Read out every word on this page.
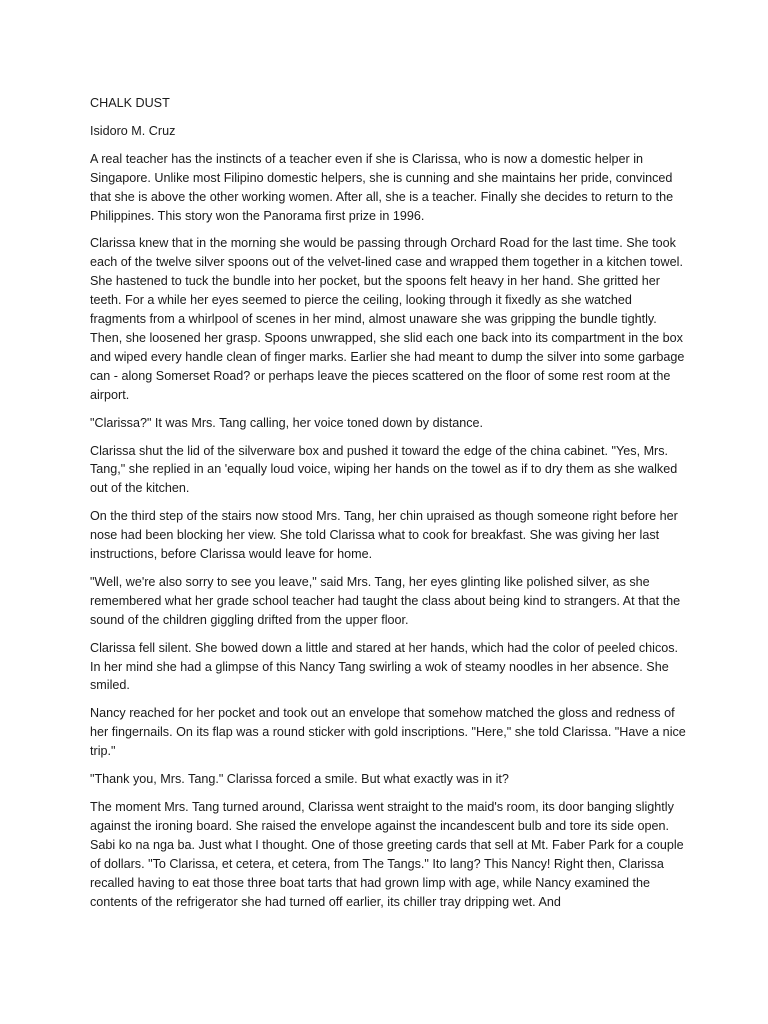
CHALK DUST

Isidoro M. Cruz

A real teacher has the instincts of a teacher even if she is Clarissa, who is now a domestic helper in Singapore. Unlike most Filipino domestic helpers, she is cunning and she maintains her pride, convinced that she is above the other working women. After all, she is a teacher. Finally she decides to return to the Philippines. This story won the Panorama first prize in 1996.

Clarissa knew that in the morning she would be passing through Orchard Road for the last time. She took each of the twelve silver spoons out of the velvet-lined case and wrapped them together in a kitchen towel. She hastened to tuck the bundle into her pocket, but the spoons felt heavy in her hand. She gritted her teeth. For a while her eyes seemed to pierce the ceiling, looking through it fixedly as she watched fragments from a whirlpool of scenes in her mind, almost unaware she was gripping the bundle tightly. Then, she loosened her grasp. Spoons unwrapped, she slid each one back into its compartment in the box and wiped every handle clean of finger marks. Earlier she had meant to dump the silver into some garbage can - along Somerset Road? or perhaps leave the pieces scattered on the floor of some rest room at the airport.

"Clarissa?" It was Mrs. Tang calling, her voice toned down by distance.

Clarissa shut the lid of the silverware box and pushed it toward the edge of the china cabinet. "Yes, Mrs. Tang," she replied in an 'equally loud voice, wiping her hands on the towel as if to dry them as she walked out of the kitchen.

On the third step of the stairs now stood Mrs. Tang, her chin upraised as though someone right before her nose had been blocking her view. She told Clarissa what to cook for breakfast. She was giving her last instructions, before Clarissa would leave for home.

"Well, we're also sorry to see you leave," said Mrs. Tang, her eyes glinting like polished silver, as she remembered what her grade school teacher had taught the class about being kind to strangers. At that the sound of the children giggling drifted from the upper floor.

Clarissa fell silent. She bowed down a little and stared at her hands, which had the color of peeled chicos. In her mind she had a glimpse of this Nancy Tang swirling a wok of steamy noodles in her absence. She smiled.

Nancy reached for her pocket and took out an envelope that somehow matched the gloss and redness of her fingernails. On its flap was a round sticker with gold inscriptions. "Here," she told Clarissa. "Have a nice trip."

"Thank you, Mrs. Tang." Clarissa forced a smile. But what exactly was in it?

The moment Mrs. Tang turned around, Clarissa went straight to the maid's room, its door banging slightly against the ironing board. She raised the envelope against the incandescent bulb and tore its side open. Sabi ko na nga ba. Just what I thought. One of those greeting cards that sell at Mt. Faber Park for a couple of dollars. "To Clarissa, et cetera, et cetera, from The Tangs." Ito lang? This Nancy! Right then, Clarissa recalled having to eat those three boat tarts that had grown limp with age, while Nancy examined the contents of the refrigerator she had turned off earlier, its chiller tray dripping wet. And
